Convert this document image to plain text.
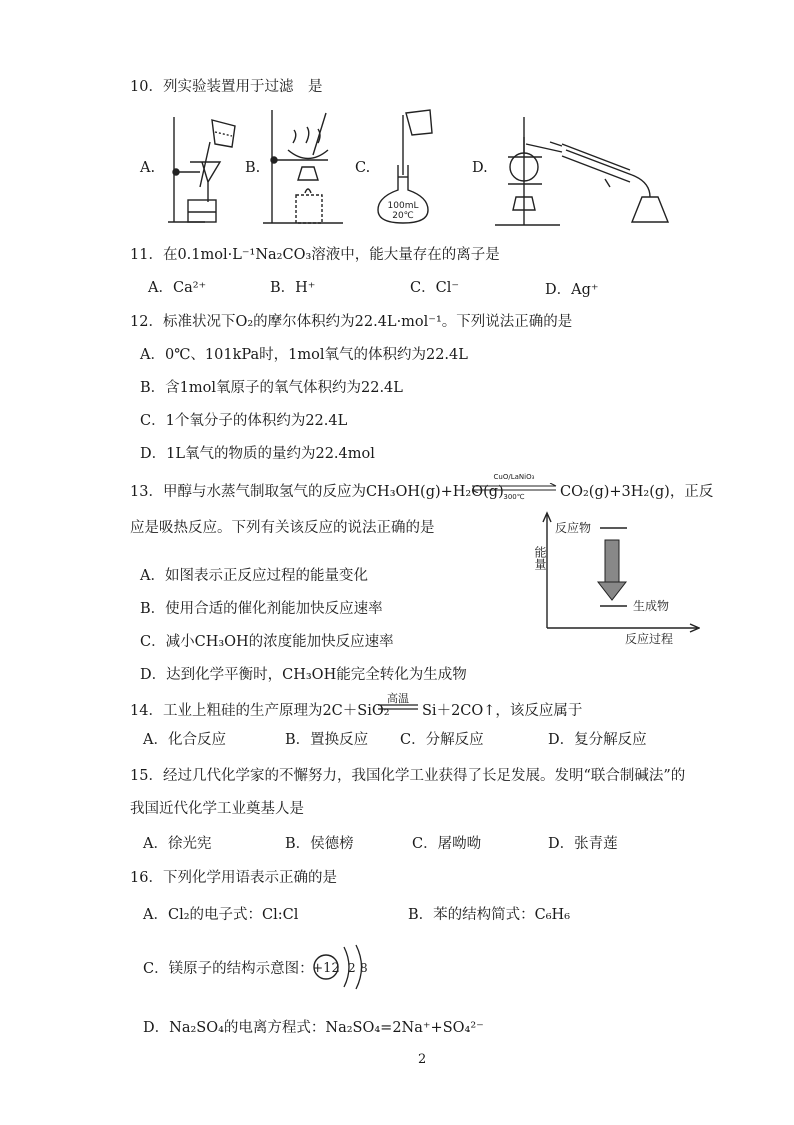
10．列实验装置用于过滤　是
A.	B.	C.
100mL
20℃
D.
11．在0.1mol·L⁻¹Na₂CO₃溶液中，能大量存在的离子是
A．Ca²⁺	B．H⁺	C．Cl⁻	D．Ag⁺
12．标准状况下O₂的摩尔体积约为22.4L·mol⁻¹。下列说法正确的是
A．0℃、101kPa时，1mol氧气的体积约为22.4L
B．含1mol氧原子的氧气体积约为22.4L
C．1个氧分子的体积约为22.4L
D．1L氧气的物质的量约为22.4mol
13．甲醇与水蒸气制取氢气的反应为CH₃OH(g)+H₂O(g)
CuO/LaNiO₃
300℃	CO₂(g)+3H₂(g)，正反
应是吸热反应。下列有关该反应的说法正确的是
A．如图表示正反应过程的能量变化
B．使用合适的催化剂能加快反应速率
C．减小CH₃OH的浓度能加快反应速率
D．达到化学平衡时，CH₃OH能完全转化为生成物
能量
反应物
生成物
反应过程
14．工业上粗硅的生产原理为2C＋SiO₂
高温
Si＋2CO↑，该反应属于
A．化合反应	B．置换反应 C．分解反应	D．复分解反应
15．经过几代化学家的不懈努力，我国化学工业获得了长足发展。发明“联合制碱法”的
我国近代化学工业奠基人是
A．徐光宪	B．侯德榜	C．屠呦呦	D．张青莲
16．下列化学用语表示正确的是
A．Cl₂的电子式：Cl:Cl	B．苯的结构简式：C₆H₆
C．镁原子的结构示意图：
+12 2 8
D．Na₂SO₄的电离方程式：Na₂SO₄=2Na⁺+SO₄²⁻
2
